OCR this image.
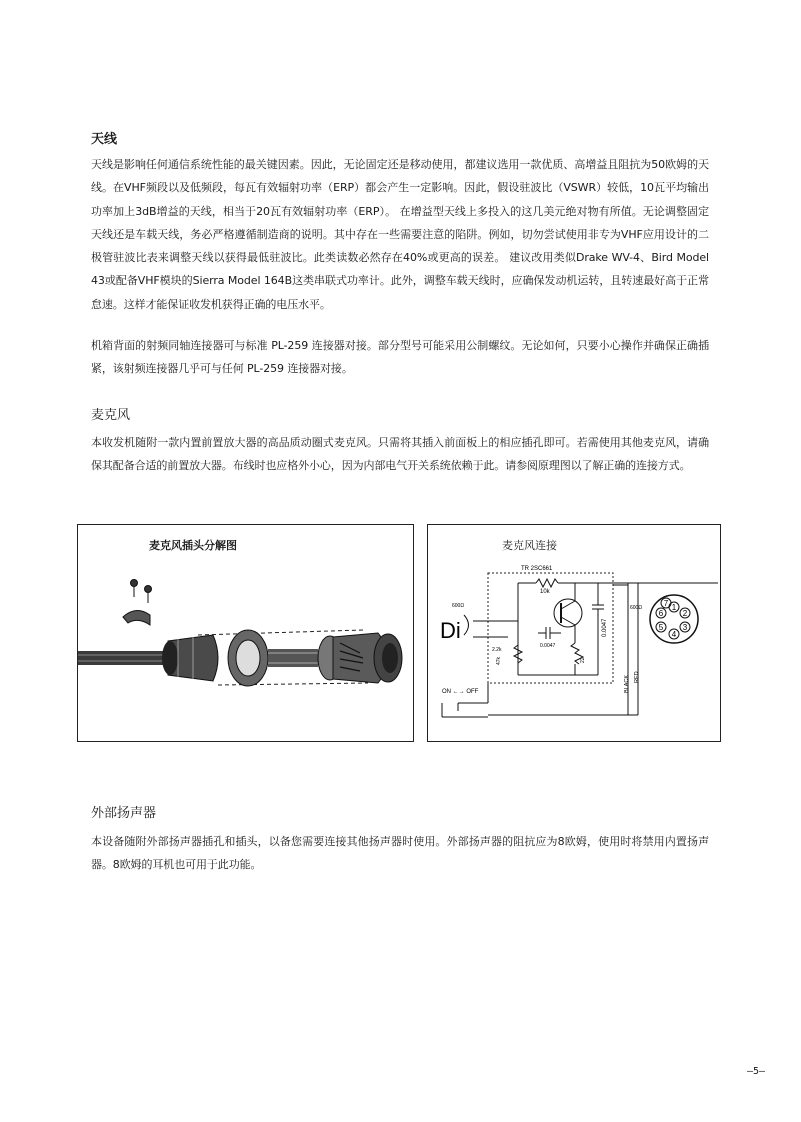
天线

天线是影响任何通信系统性能的最关键因素。因此，无论固定还是移动使用，都建议选用一款优质、高增益且阻抗为50欧姆的天线。在VHF频段以及低频段，每瓦有效辐射功率（ERP）都会产生一定影响。因此，假设驻波比（VSWR）较低，10瓦平均输出功率加上3dB增益的天线，相当于20瓦有效辐射功率（ERP）。 在增益型天线上多投入的这几美元绝对物有所值。无论调整固定天线还是车载天线，务必严格遵循制造商的说明。其中存在一些需要注意的陷阱。例如，切勿尝试使用非专为VHF应用设计的二极管驻波比表来调整天线以获得最低驻波比。此类读数必然存在40%或更高的误差。 建议改用类似Drake WV-4、Bird Model 43或配备VHF模块的Sierra Model 164B这类串联式功率计。此外，调整车载天线时，应确保发动机运转，且转速最好高于正常怠速。这样才能保证收发机获得正确的电压水平。

机箱背面的射频同轴连接器可与标准 PL-259 连接器对接。部分型号可能采用公制螺纹。无论如何，只要小心操作并确保正确插紧，该射频连接器几乎可与任何 PL-259 连接器对接。

麦克风

本收发机随附一款内置前置放大器的高品质动圈式麦克风。只需将其插入前面板上的相应插孔即可。若需使用其他麦克风，请确保其配备合适的前置放大器。布线时也应格外小心，因为内部电气开关系统依赖于此。请参阅原理图以了解正确的连接方式。

麦克风插头分解图	麦克风连接
TR 2SC661
Di
600Ω
10k
0.0047
0.0047
47k	22
2.2k
ON ←→ OFF	BLACK RED
600Ω	1
2
3
4
5
6
7
外部扬声器

本设备随附外部扬声器插孔和插头，以备您需要连接其他扬声器时使用。外部扬声器的阻抗应为8欧姆，使用时将禁用内置扬声器。8欧姆的耳机也可用于此功能。

—5—
